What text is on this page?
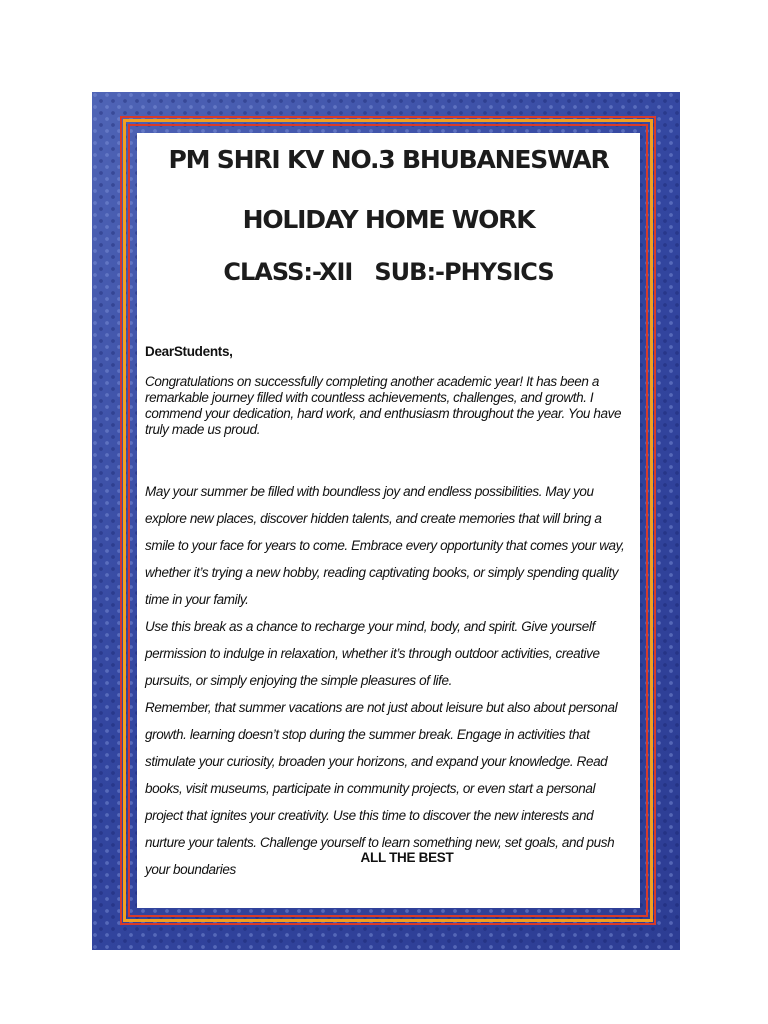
PM SHRI KV NO.3 BHUBANESWAR
HOLIDAY HOME WORK
CLASS:-XII   SUB:-PHYSICS
DearStudents,
Congratulations on successfully completing another academic year! It has been a remarkable journey filled with countless achievements, challenges, and growth. I commend your dedication, hard work, and enthusiasm throughout the year. You have truly made us proud.
May your summer be filled with boundless joy and endless possibilities. May you explore new places, discover hidden talents, and create memories that will bring a smile to your face for years to come. Embrace every opportunity that comes your way, whether it’s trying a new hobby, reading captivating books, or simply spending quality time in your family.
Use this break as a chance to recharge your mind, body, and spirit. Give yourself permission to indulge in relaxation, whether it’s through outdoor activities, creative pursuits, or simply enjoying the simple pleasures of life.
Remember, that summer vacations are not just about leisure but also about personal growth. learning doesn’t stop during the summer break. Engage in activities that stimulate your curiosity, broaden your horizons, and expand your knowledge. Read books, visit museums, participate in community projects, or even start a personal project that ignites your creativity. Use this time to discover the new interests and nurture your talents. Challenge yourself to learn something new, set goals, and push your boundaries
ALL THE BEST
